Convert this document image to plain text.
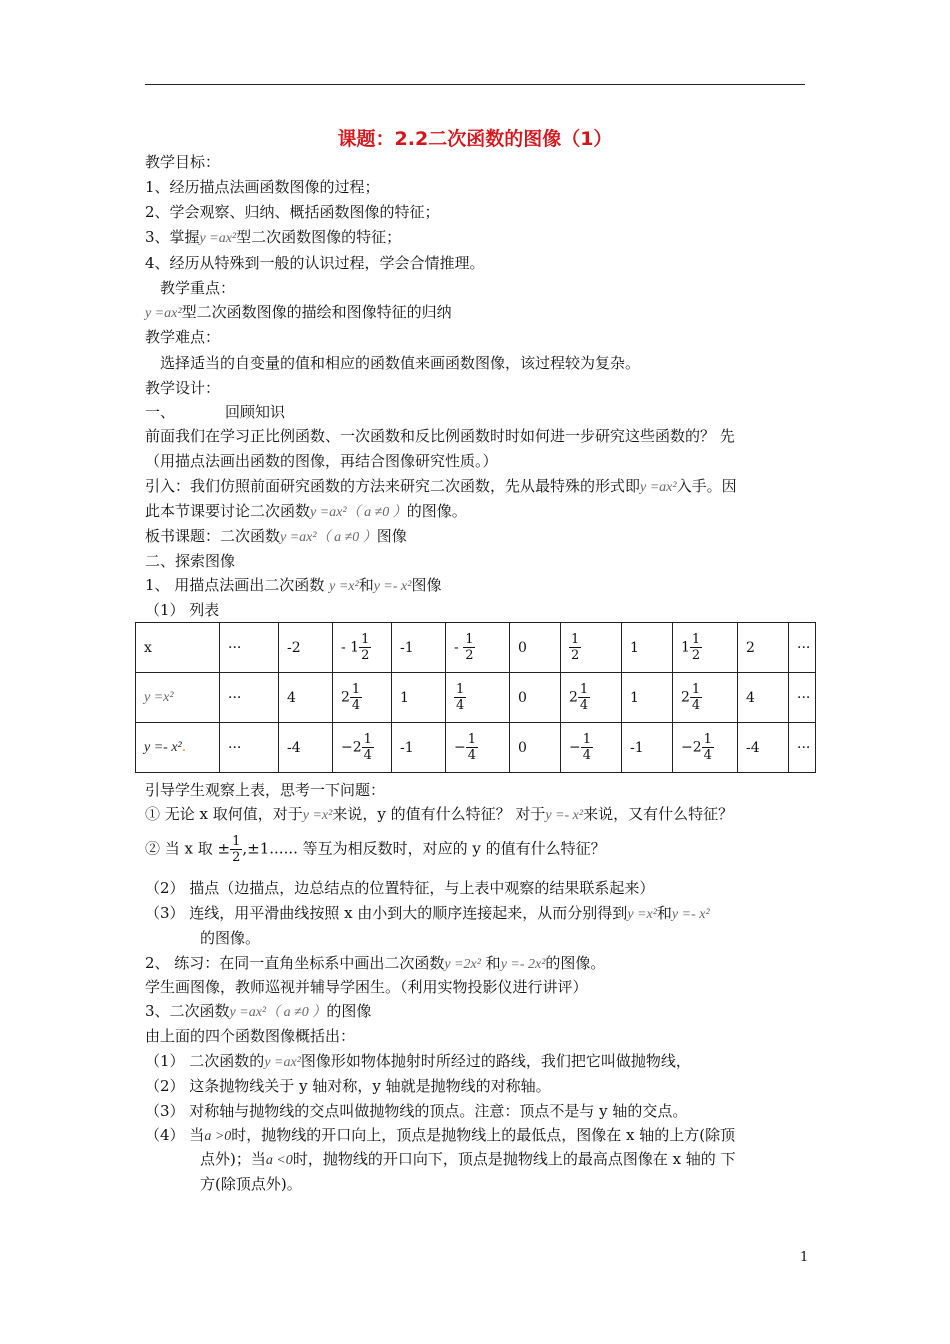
课题：2.2二次函数的图像（1）
教学目标：
1、经历描点法画函数图像的过程；
2、学会观察、归纳、概括函数图像的特征；
3、掌握y =ax²型二次函数图像的特征；
4、经历从特殊到一般的认识过程，学会合情推理。
教学重点：
y =ax²型二次函数图像的描绘和图像特征的归纳
教学难点：
选择适当的自变量的值和相应的函数值来画函数图像，该过程较为复杂。
教学设计：
一、	回顾知识
前面我们在学习正比例函数、一次函数和反比例函数时时如何进一步研究这些函数的？ 先
（用描点法画出函数的图像，再结合图像研究性质。）
引入：我们仿照前面研究函数的方法来研究二次函数，先从最特殊的形式即y =ax²入手。因
此本节课要讨论二次函数y =ax²（ a ≠0 ）的图像。
板书课题：二次函数y =ax²（ a ≠0 ）图像
二、探索图像
1、 用描点法画出二次函数 y =x²和y =- x²图像
（1） 列表
x	···	-2	- $1 \frac{1}{2}$	-1	- $\frac{1}{2}$	0	$\frac{1}{2}$	1	$1 \frac{1}{2}$	2	···
y =x²	···	4	$2 \frac{1}{4}$	1	$\frac{1}{4}$	0	$2 \frac{1}{4}$	1	$2 \frac{1}{4}$	4	···
y =- x².	···	-4	$-2 \frac{1}{4}$	-1	− $\frac{1}{4}$	0	− $\frac{1}{4}$	-1	$-2 \frac{1}{4}$	-4	···
引导学生观察上表，思考一下问题：
① 无论 x 取何值，对于y =x²来说，y 的值有什么特征？ 对于y =- x²来说，又有什么特征？
② 当 x 取 ± $\frac{1}{2} ,\pm 1$...... 等互为相反数时，对应的 y 的值有什么特征？
（2） 描点（边描点，边总结点的位置特征，与上表中观察的结果联系起来）
（3） 连线，用平滑曲线按照 x 由小到大的顺序连接起来，从而分别得到y =x²和y =- x²
的图像。
2、 练习：在同一直角坐标系中画出二次函数y =2x² 和y =- 2x²的图像。
学生画图像，教师巡视并辅导学困生。（利用实物投影仪进行讲评）
3、二次函数y =ax²（ a ≠0 ）的图像
由上面的四个函数图像概括出：
（1） 二次函数的y =ax²图像形如物体抛射时所经过的路线，我们把它叫做抛物线，
（2） 这条抛物线关于 y 轴对称，y 轴就是抛物线的对称轴。
（3） 对称轴与抛物线的交点叫做抛物线的顶点。注意：顶点不是与 y 轴的交点。
（4） 当a >0时，抛物线的开口向上，顶点是抛物线上的最低点，图像在 x 轴的上方(除顶
点外)；当a <0时，抛物线的开口向下，顶点是抛物线上的最高点图像在 x 轴的 下
方(除顶点外)。
1
